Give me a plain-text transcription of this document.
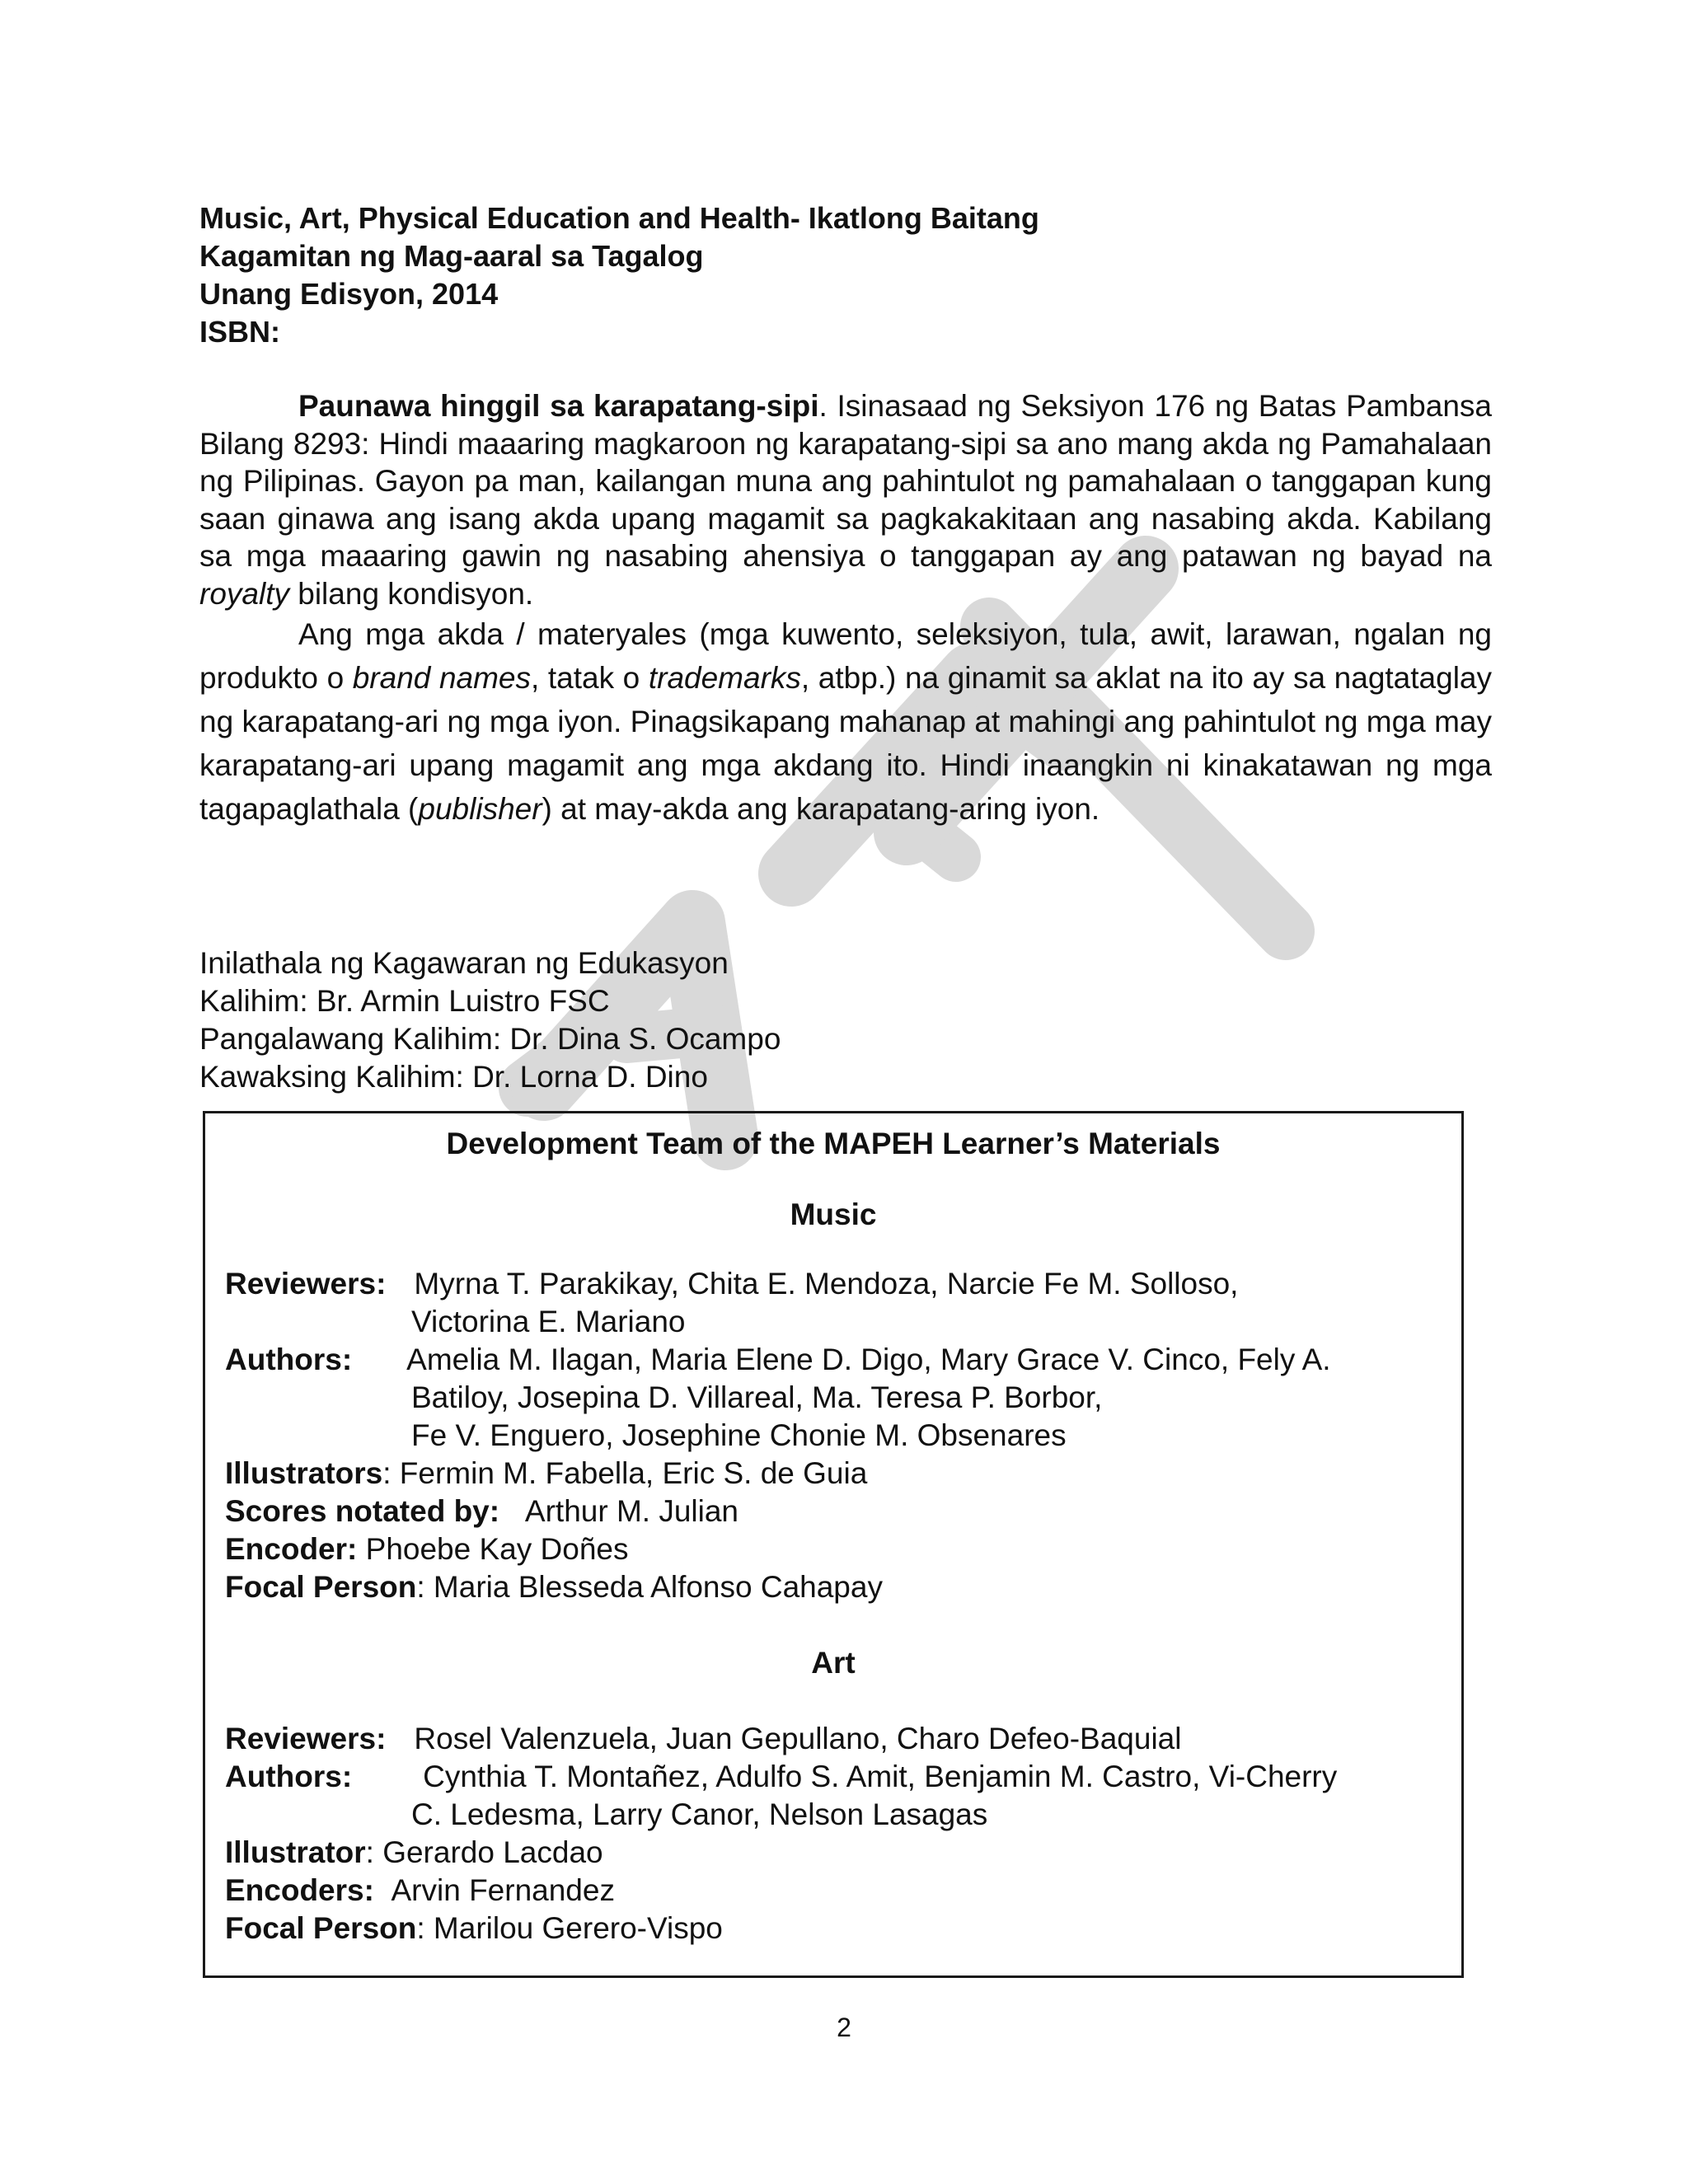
Music, Art, Physical Education and Health- Ikatlong Baitang

Kagamitan ng Mag-aaral sa Tagalog

Unang Edisyon, 2014

ISBN:

Paunawa hinggil sa karapatang-sipi. Isinasaad ng Seksiyon 176 ng Batas Pambansa Bilang 8293: Hindi maaaring magkaroon ng karapatang-sipi sa ano mang akda ng Pamahalaan ng Pilipinas. Gayon pa man, kailangan muna ang pahintulot ng pamahalaan o tanggapan kung saan ginawa ang isang akda upang magamit sa pagkakakitaan ang nasabing akda. Kabilang sa mga maaaring gawin ng nasabing ahensiya o tanggapan ay ang patawan ng bayad na royalty bilang kondisyon.

Ang mga akda / materyales (mga kuwento, seleksiyon, tula, awit, larawan, ngalan ng produkto o brand names, tatak o trademarks, atbp.) na ginamit sa aklat na ito ay sa nagtataglay ng karapatang-ari ng mga iyon. Pinagsikapang mahanap at mahingi ang pahintulot ng mga may karapatang-ari upang magamit ang mga akdang ito. Hindi inaangkin ni kinakatawan ng mga tagapaglathala (publisher) at may-akda ang karapatang-aring iyon.

Inilathala ng Kagawaran ng Edukasyon

Kalihim: Br. Armin Luistro FSC

Pangalawang Kalihim: Dr. Dina S. Ocampo

Kawaksing Kalihim: Dr. Lorna D. Dino

Development Team of the MAPEH Learner’s Materials
Music
Reviewers: Myrna T. Parakikay, Chita E. Mendoza, Narcie Fe M. Solloso,
Victorina E. Mariano
Authors: Amelia M. Ilagan, Maria Elene D. Digo, Mary Grace V. Cinco, Fely A.
Batiloy, Josepina D. Villareal, Ma. Teresa P. Borbor,
Fe V. Enguero, Josephine Chonie M. Obsenares
Illustrators: Fermin M. Fabella, Eric S. de Guia
Scores notated by: Arthur M. Julian
Encoder: Phoebe Kay Doñes
Focal Person: Maria Blesseda Alfonso Cahapay
Art
Reviewers: Rosel Valenzuela, Juan Gepullano, Charo Defeo-Baquial
Authors: Cynthia T. Montañez, Adulfo S. Amit, Benjamin M. Castro, Vi-Cherry
C. Ledesma, Larry Canor, Nelson Lasagas
Illustrator: Gerardo Lacdao
Encoders: Arvin Fernandez
Focal Person: Marilou Gerero-Vispo
2
